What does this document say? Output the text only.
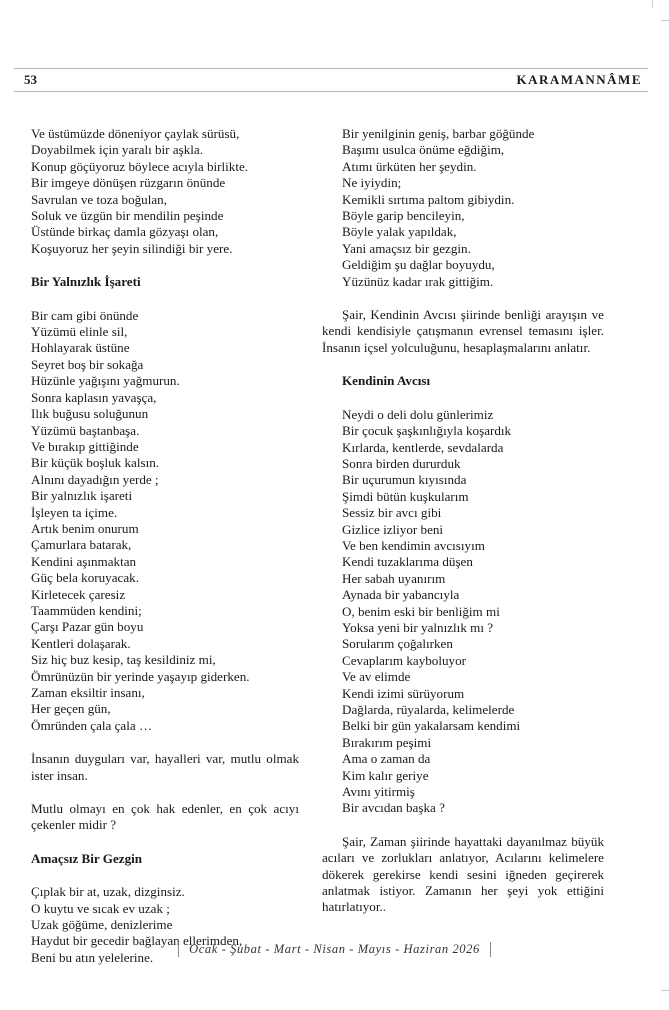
53	KARAMANNÂME
Ve üstümüzde döneniyor çaylak sürüsü,
Doyabilmek için yaralı bir aşkla.
Konup göçüyoruz böylece acıyla birlikte.
Bir imgeye dönüşen rüzgarın önünde
Savrulan ve toza boğulan,
Soluk ve üzgün bir mendilin peşinde
Üstünde birkaç damla gözyaşı olan,
Koşuyoruz her şeyin silindiği bir yere.
Bir Yalnızlık İşareti
Bir cam gibi önünde
Yüzümü elinle sil,
Hohlayarak üstüne
Seyret boş bir sokağa
Hüzünle yağışını yağmurun.
Sonra kaplasın yavaşça,
Ilık buğusu soluğunun
Yüzümü baştanbaşa.
Ve bırakıp gittiğinde
Bir küçük boşluk kalsın.
Alnını dayadığın yerde ;
Bir yalnızlık işareti
İşleyen ta içime.
Artık benim onurum
Çamurlara batarak,
Kendini aşınmaktan
Güç bela koruyacak.
Kirletecek çaresiz
Taammüden kendini;
Çarşı Pazar gün boyu
Kentleri dolaşarak.
Siz hiç buz kesip, taş kesildiniz mi,
Ömrünüzün bir yerinde yaşayıp giderken.
Zaman eksiltir insanı,
Her geçen gün,
Ömründen çala çala …
İnsanın duyguları var, hayalleri var, mutlu olmak ister insan.
Mutlu olmayı en çok hak edenler, en çok acıyı çekenler midir ?
Amaçsız Bir Gezgin
Çıplak bir at, uzak, dizginsiz.
O kuytu ve sıcak ev uzak ;
Uzak göğüme, denizlerime
Haydut bir gecedir bağlayan ellerimden,
Beni bu atın yelelerine.
Bir yenilginin geniş, barbar göğünde
Başımı usulca önüme eğdiğim,
Atımı ürküten her şeydin.
Ne iyiydin;
Kemikli sırtıma paltom gibiydin.
Böyle garip bencileyin,
Böyle yalak yapıldak,
Yani amaçsız bir gezgin.
Geldiğim şu dağlar boyuydu,
Yüzünüz kadar ırak gittiğim.
Şair, Kendinin Avcısı şiirinde benliği arayışın ve kendi kendisiyle çatışmanın evrensel temasını işler. İnsanın içsel yolculuğunu, hesaplaşmalarını anlatır.
Kendinin Avcısı
Neydi o deli dolu günlerimiz
Bir çocuk şaşkınlığıyla koşardık
Kırlarda, kentlerde, sevdalarda
Sonra birden dururduk
Bir uçurumun kıyısında
Şimdi bütün kuşkularım
Sessiz bir avcı gibi
Gizlice izliyor beni
Ve ben kendimin avcısıyım
Kendi tuzaklarıma düşen
Her sabah uyanırım
Aynada bir yabancıyla
O, benim eski bir benliğim mi
Yoksa yeni bir yalnızlık mı ?
Sorularım çoğalırken
Cevaplarım kayboluyor
Ve av elimde
Kendi izimi sürüyorum
Dağlarda, rüyalarda, kelimelerde
Belki bir gün yakalarsam kendimi
Bırakırım peşimi
Ama o zaman da
Kim kalır geriye
Avını yitirmiş
Bir avcıdan başka ?
Şair, Zaman şiirinde hayattaki dayanılmaz büyük acıları ve zorlukları anlatıyor, Acılarını kelimelere dökerek gerekirse kendi sesini iğneden geçirerek anlatmak istiyor. Zamanın her şeyi yok ettiğini hatırlatıyor..
Ocak - Şubat - Mart - Nisan - Mayıs - Haziran 2026
